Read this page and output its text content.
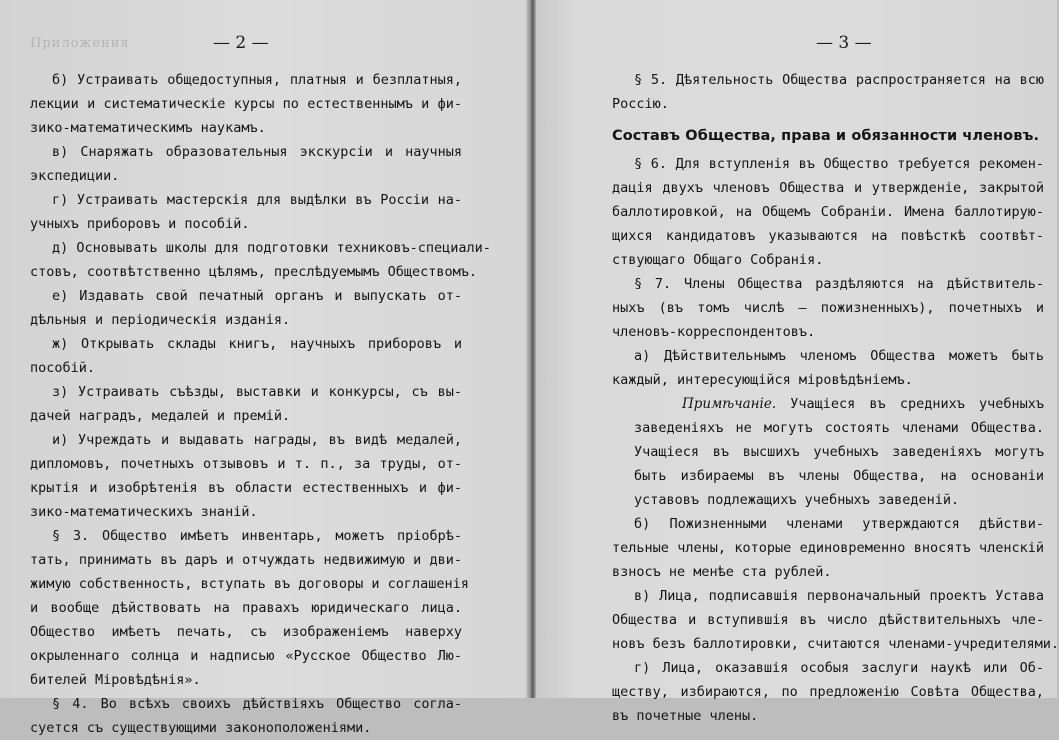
Приложения	— 2 —
б) Устраивать общедоступныя, платныя и безплатныя,
лекции и систематическiе курсы по естественнымъ и фи-
зико-математическимъ наукамъ.
в) Снаряжать образовательныя экскурсiи и научныя
экспедиции.
г) Устраивать мастерскiя для выдѣлки въ Россiи на-
учныхъ приборовъ и пособiй.
д) Основывать школы для подготовки техниковъ-специали-
стовъ, соотвѣтственно цѣлямъ, преслѣдуемымъ Обществомъ.
е) Издавать свой печатный органъ и выпускать от-
дѣльныя и перiодическiя изданiя.
ж) Открывать склады книгъ, научныхъ приборовъ и
пособiй.
з) Устраивать съѣзды, выставки и конкурсы, съ вы-
дачей наградъ, медалей и премiй.
и) Учреждать и выдавать награды, въ видѣ медалей,
дипломовъ, почетныхъ отзывовъ и т. п., за труды, от-
крытiя и изобрѣтенiя въ области естественныхъ и фи-
зико-математическихъ знанiй.
§ 3. Общество имѣетъ инвентарь, можетъ прiобрѣ-
тать, принимать въ даръ и отчуждать недвижимую и дви-
жимую собственность, вступать въ договоры и соглашенiя
и вообще дѣйствовать на правахъ юридическаго лица.
Общество имѣетъ печать, съ изображенiемъ наверху
окрыленнаго солнца и надписью «Русское Общество Лю-
бителей Мiровѣдѣнiя».
§ 4. Во всѣхъ своихъ дѣйствiяхъ Общество согла-
суется съ существующими законоположенiями.
— 3 —
§ 5. Дѣятельность Общества распространяется на всю
Россiю.
Составъ Общества, права и обязанности членовъ.
§ 6. Для вступленiя въ Общество требуется рекомен-
дацiя двухъ членовъ Общества и утвержденiе, закрытой
баллотировкой, на Общемъ Собранiи. Имена баллотирую-
щихся кандидатовъ указываются на повѣсткѣ соотвѣт-
ствующаго Общаго Собранiя.
§ 7. Члены Общества раздѣляются на дѣйствитель-
ныхъ (въ томъ числѣ — пожизненныхъ), почетныхъ и
членовъ-корреспондентовъ.
а) Дѣйствительнымъ членомъ Общества можетъ быть
каждый, интересующiйся мiровѣдѣнiемъ.
Примѣчанiе. Учащiеся въ среднихъ учебныхъ
заведенiяхъ не могутъ состоять членами Общества.
Учащiеся въ высшихъ учебныхъ заведенiяхъ могутъ
быть избираемы въ члены Общества, на основанiи
уставовъ подлежащихъ учебныхъ заведенiй.
б) Пожизненными членами утверждаются дѣйстви-
тельные члены, которые единовременно вносятъ членскiй
взносъ не менѣе ста рублей.
в) Лица, подписавшiя первоначальный проектъ Устава
Общества и вступившiя въ число дѣйствительныхъ чле-
новъ безъ баллотировки, считаются членами-учредителями.
г) Лица, оказавшiя особыя заслуги наукѣ или Об-
ществу, избираются, по предложенiю Совѣта Общества,
въ почетные члены.
